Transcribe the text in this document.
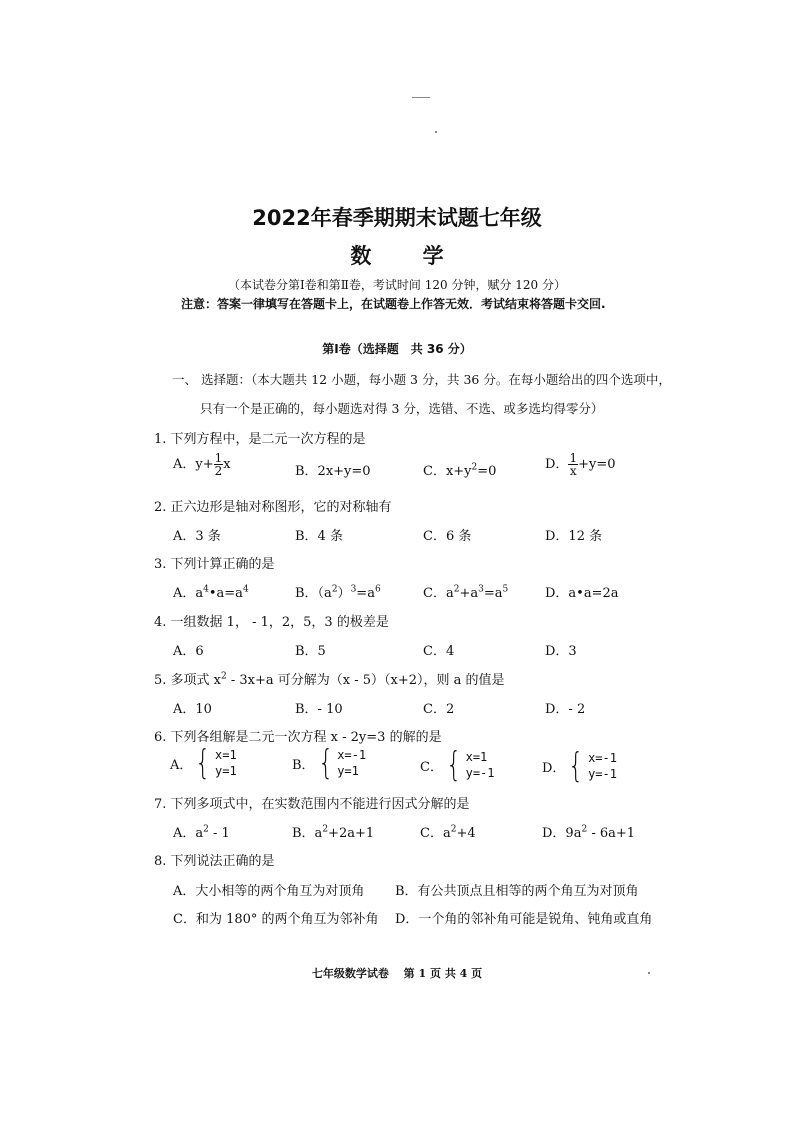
2022年春季期期末试题七年级
数 学
（本试卷分第Ⅰ卷和第Ⅱ卷，考试时间 120 分钟，赋分 120 分）
注意：答案一律填写在答题卡上，在试题卷上作答无效．考试结束将答题卡交回.
第Ⅰ卷（选择题　共 36 分）
一、 选择题：（本大题共 12 小题，每小题 3 分，共 36 分。在每小题给出的四个选项中，
只有一个是正确的，每小题选对得 3 分，选错、不选、或多选均得零分）
1. 下列方程中，是二元一次方程的是
A．$y+ \frac{1}{2}$ x	B．2x+y=0	C．$x+y^2=0$	D． $\frac{1}{x} +y=0$
2. 正六边形是轴对称图形，它的对称轴有
A．3 条	B．4 条	C．6 条	D．12 条
3. 下列计算正确的是
A．$a^4•a=a^4$	B．$(a^2)^3=a^6$	C．$a^2+a^3=a^5$	D．a•a=2a
4. 一组数据 1， - 1，2，5，3 的极差是
A．6	B．5	C．4	D．3
5. 多项式 $x^2 - 3x+a$ 可分解为（x - 5）（x+2），则 a 的值是
A．10	B．- 10	C．2	D．- 2
6. 下列各组解是二元一次方程 x - 2y=3 的解的是
A． { x=1
y=1	B． { x=-1
y=1	C． { x=1
y=-1	D． { x=-1
y=-1
7. 下列多项式中，在实数范围内不能进行因式分解的是
A．$a^2 - 1$	B．$a^2+2a+1$	C．$a^2+4$	D．$9a^2 - 6a+1$
8. 下列说法正确的是
A．大小相等的两个角互为对顶角 B．有公共顶点且相等的两个角互为对顶角
C．和为 180° 的两个角互为邻补角 D．一个角的邻补角可能是锐角、钝角或直角
七年级数学试卷　 第 1 页 共 4 页
